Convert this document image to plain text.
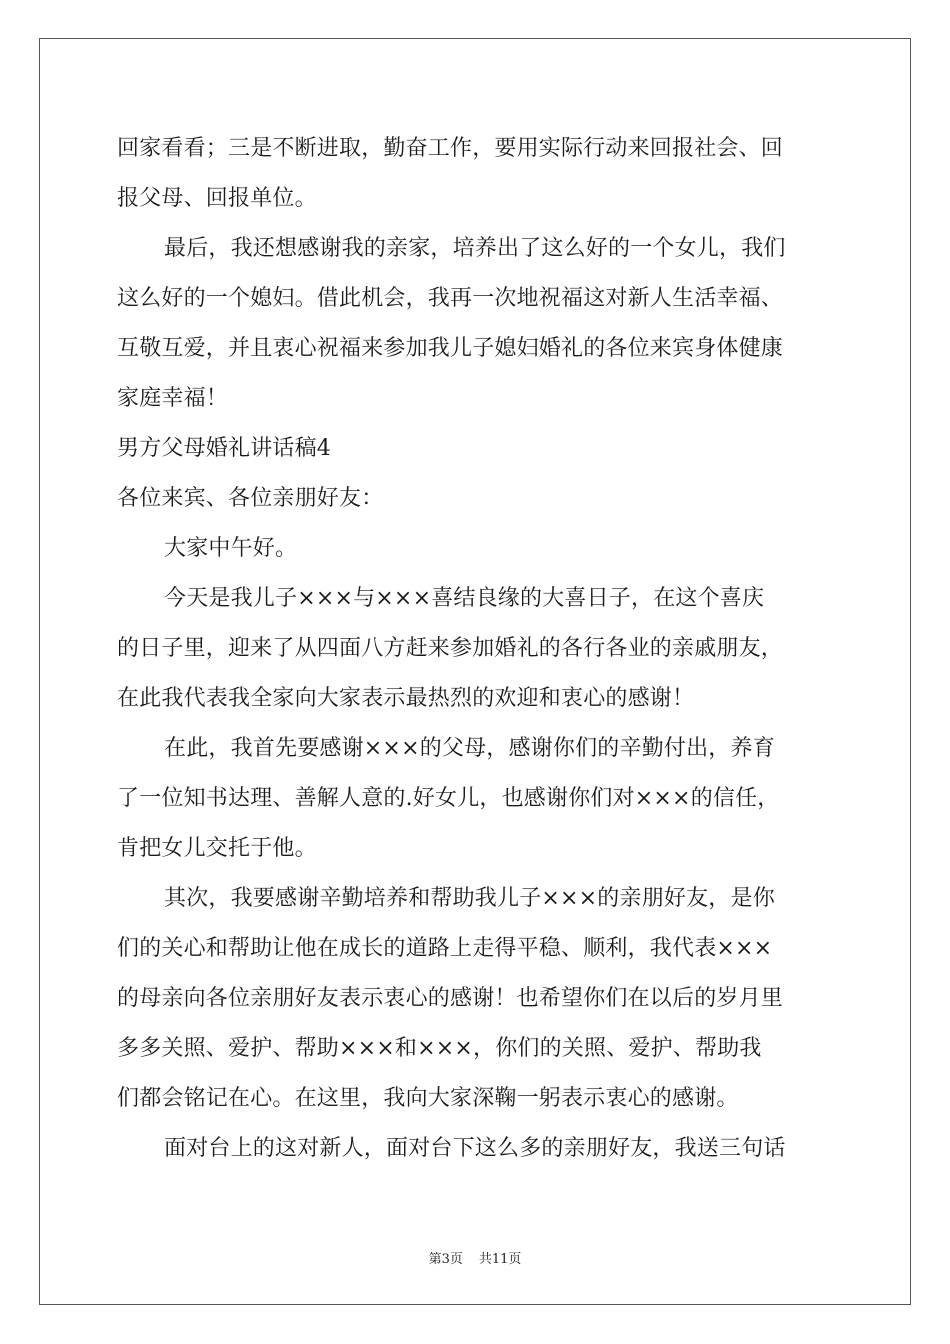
回家看看；三是不断进取，勤奋工作，要用实际行动来回报社会、回
报父母、回报单位。
最后，我还想感谢我的亲家，培养出了这么好的一个女儿，我们
这么好的一个媳妇。借此机会，我再一次地祝福这对新人生活幸福、
互敬互爱，并且衷心祝福来参加我儿子媳妇婚礼的各位来宾身体健康
家庭幸福！
男方父母婚礼讲话稿4
各位来宾、各位亲朋好友：
大家中午好。
今天是我儿子×××与×××喜结良缘的大喜日子，在这个喜庆
的日子里，迎来了从四面八方赶来参加婚礼的各行各业的亲戚朋友，
在此我代表我全家向大家表示最热烈的欢迎和衷心的感谢！
在此，我首先要感谢×××的父母，感谢你们的辛勤付出，养育
了一位知书达理、善解人意的.好女儿，也感谢你们对×××的信任，
肯把女儿交托于他。
其次，我要感谢辛勤培养和帮助我儿子×××的亲朋好友，是你
们的关心和帮助让他在成长的道路上走得平稳、顺利，我代表×××
的母亲向各位亲朋好友表示衷心的感谢！也希望你们在以后的岁月里
多多关照、爱护、帮助×××和×××，你们的关照、爱护、帮助我
们都会铭记在心。在这里，我向大家深鞠一躬表示衷心的感谢。
面对台上的这对新人，面对台下这么多的亲朋好友，我送三句话
第3页 共11页
